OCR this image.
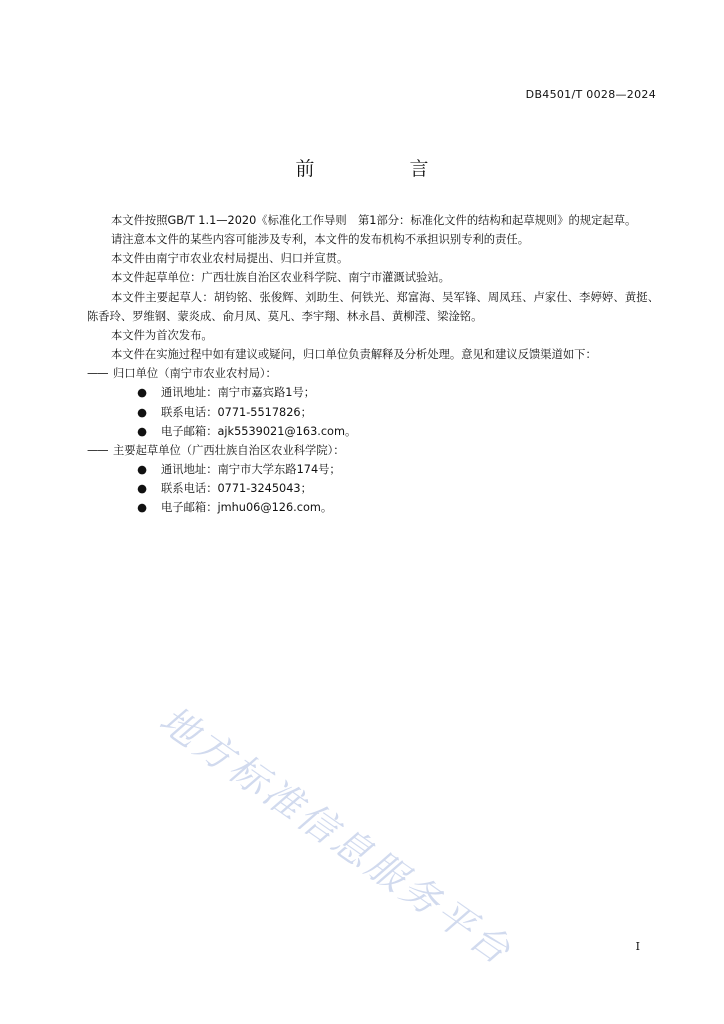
DB4501/T 0028—2024
前　言

本文件按照GB/T 1.1—2020《标准化工作导则　第1部分：标准化文件的结构和起草规则》的规定起草。

请注意本文件的某些内容可能涉及专利，本文件的发布机构不承担识别专利的责任。

本文件由南宁市农业农村局提出、归口并宣贯。

本文件起草单位：广西壮族自治区农业科学院、南宁市灌溉试验站。

本文件主要起草人：胡钧铭、张俊辉、刘助生、何铁光、郑富海、吴军锋、周凤珏、卢家仕、李婷婷、黄挺、陈香玲、罗维钢、蒙炎成、俞月凤、莫凡、李宇翔、林永昌、黄柳滢、梁淦铭。

本文件为首次发布。

本文件在实施过程中如有建议或疑问，归口单位负责解释及分析处理。意见和建议反馈渠道如下：

—— 归口单位（南宁市农业农村局）：

● 通讯地址：南宁市嘉宾路1号；

● 联系电话：0771-5517826；

● 电子邮箱：ajk5539021@163.com。

—— 主要起草单位（广西壮族自治区农业科学院）：

● 通讯地址：南宁市大学东路174号；

● 联系电话：0771-3245043；

● 电子邮箱：jmhu06@126.com。

地方标准信息服务平台	I
